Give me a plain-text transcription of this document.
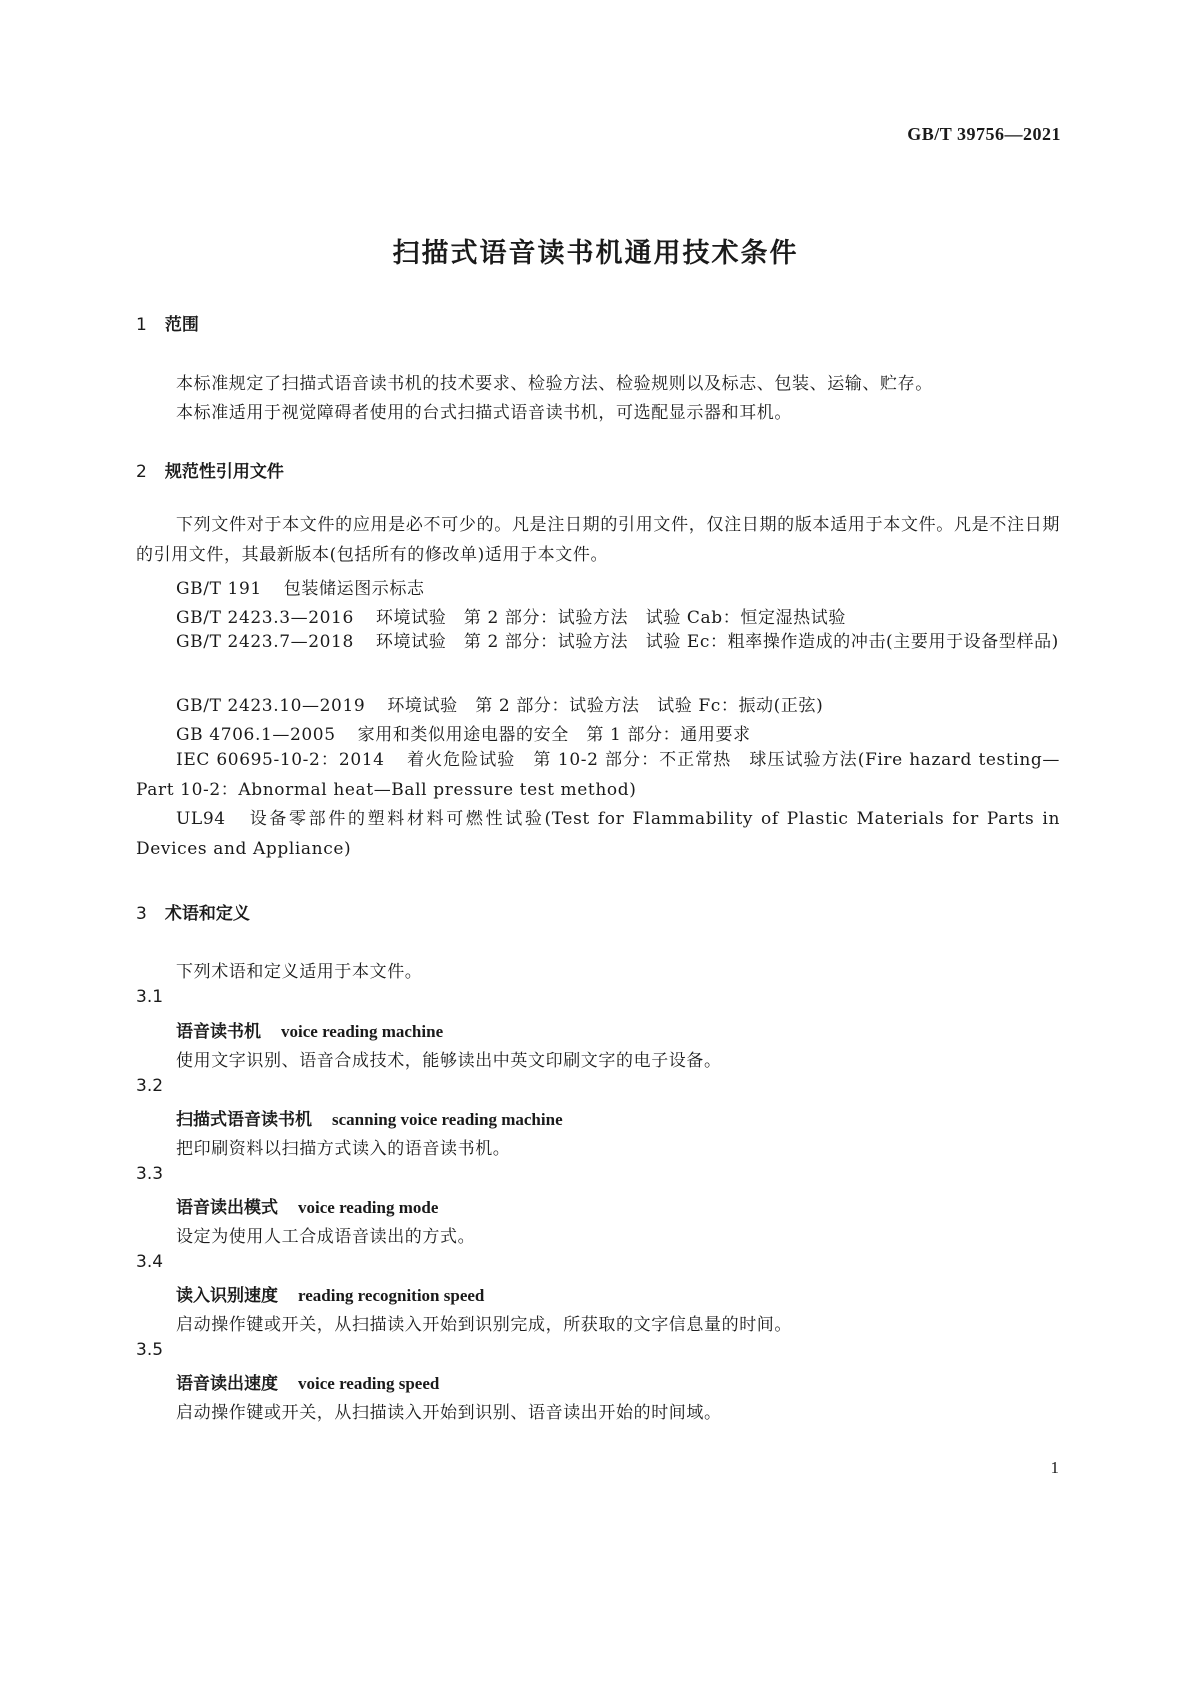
GB/T 39756—2021
扫描式语音读书机通用技术条件
1 范围
本标准规定了扫描式语音读书机的技术要求、检验方法、检验规则以及标志、包装、运输、贮存。
本标准适用于视觉障碍者使用的台式扫描式语音读书机，可选配显示器和耳机。
2 规范性引用文件
下列文件对于本文件的应用是必不可少的。凡是注日期的引用文件，仅注日期的版本适用于本文件。凡是不注日期的引用文件，其最新版本(包括所有的修改单)适用于本文件。
GB/T 191 包装储运图示标志
GB/T 2423.3—2016 环境试验　第 2 部分：试验方法　试验 Cab：恒定湿热试验
GB/T 2423.7—2018 环境试验　第 2 部分：试验方法　试验 Ec：粗率操作造成的冲击(主要用于设备型样品)
GB/T 2423.10—2019 环境试验　第 2 部分：试验方法　试验 Fc：振动(正弦)
GB 4706.1—2005 家用和类似用途电器的安全　第 1 部分：通用要求
IEC 60695-10-2：2014 着火危险试验　第 10-2 部分：不正常热　球压试验方法(Fire hazard testing—Part 10-2：Abnormal heat—Ball pressure test method)
UL94 设备零部件的塑料材料可燃性试验(Test for Flammability of Plastic Materials for Parts in Devices and Appliance)
3 术语和定义
下列术语和定义适用于本文件。
3.1
语音读书机 voice reading machine
使用文字识别、语音合成技术，能够读出中英文印刷文字的电子设备。
3.2
扫描式语音读书机 scanning voice reading machine
把印刷资料以扫描方式读入的语音读书机。
3.3
语音读出模式 voice reading mode
设定为使用人工合成语音读出的方式。
3.4
读入识别速度 reading recognition speed
启动操作键或开关，从扫描读入开始到识别完成，所获取的文字信息量的时间。
3.5
语音读出速度 voice reading speed
启动操作键或开关，从扫描读入开始到识别、语音读出开始的时间域。
1
